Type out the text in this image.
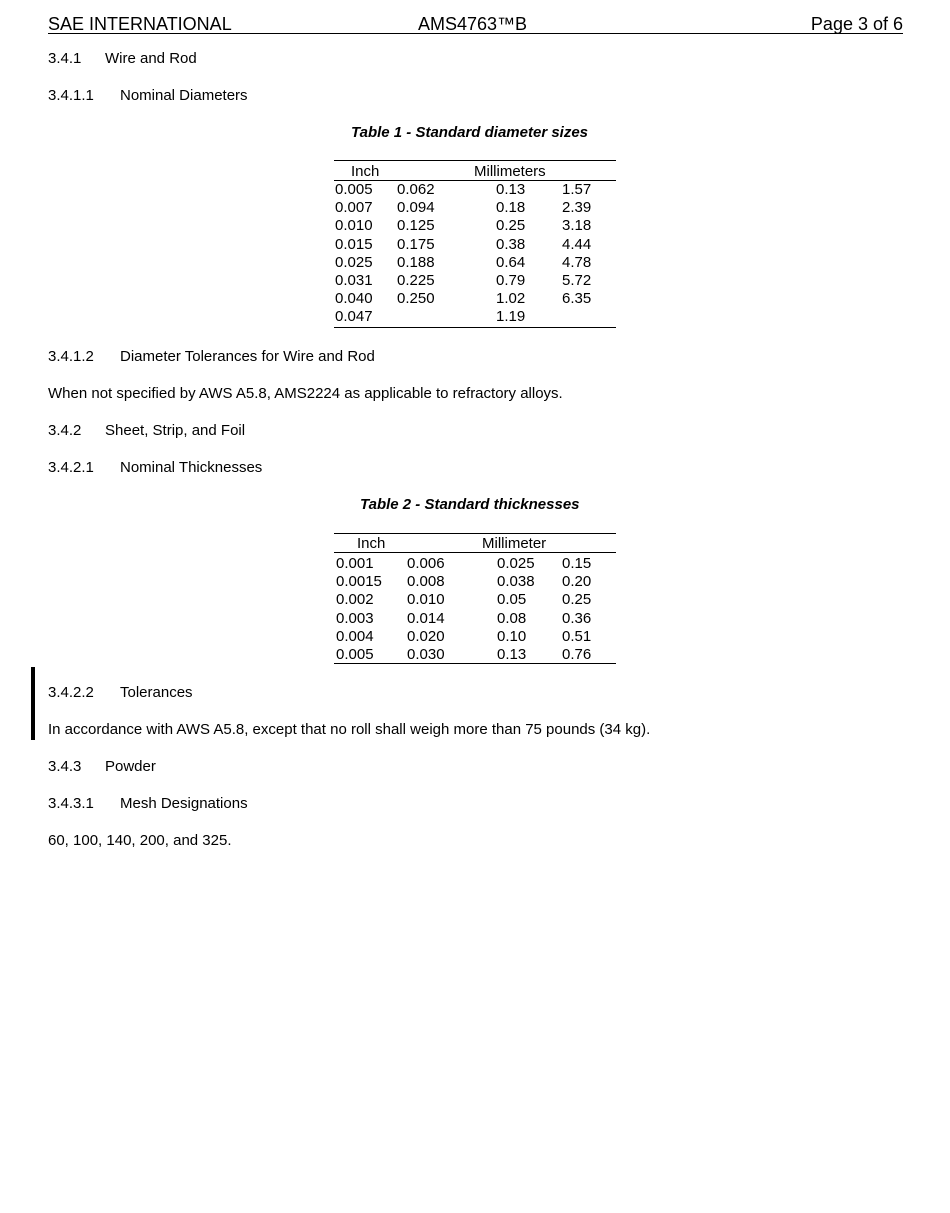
SAE INTERNATIONAL	AMS4763™B	Page 3 of 6
3.4.1 Wire and Rod
3.4.1.1 Nominal Diameters
Table 1 - Standard diameter sizes
Inch	Millimeters
0.005 0.062	0.13 1.57
0.007 0.094	0.18 2.39
0.010 0.125	0.25 3.18
0.015 0.175	0.38 4.44
0.025 0.188	0.64 4.78
0.031 0.225	0.79 5.72
0.040 0.250	1.02 6.35
0.047	1.19
3.4.1.2 Diameter Tolerances for Wire and Rod
When not specified by AWS A5.8, AMS2224 as applicable to refractory alloys.
3.4.2 Sheet, Strip, and Foil
3.4.2.1 Nominal Thicknesses
Table 2 - Standard thicknesses
Inch	Millimeter
0.001 0.006	0.025 0.15
0.0015 0.008	0.038 0.20
0.002 0.010	0.05 0.25
0.003 0.014	0.08 0.36
0.004 0.020	0.10 0.51
0.005 0.030	0.13 0.76
3.4.2.2 Tolerances
In accordance with AWS A5.8, except that no roll shall weigh more than 75 pounds (34 kg).
3.4.3 Powder
3.4.3.1 Mesh Designations
60, 100, 140, 200, and 325.
